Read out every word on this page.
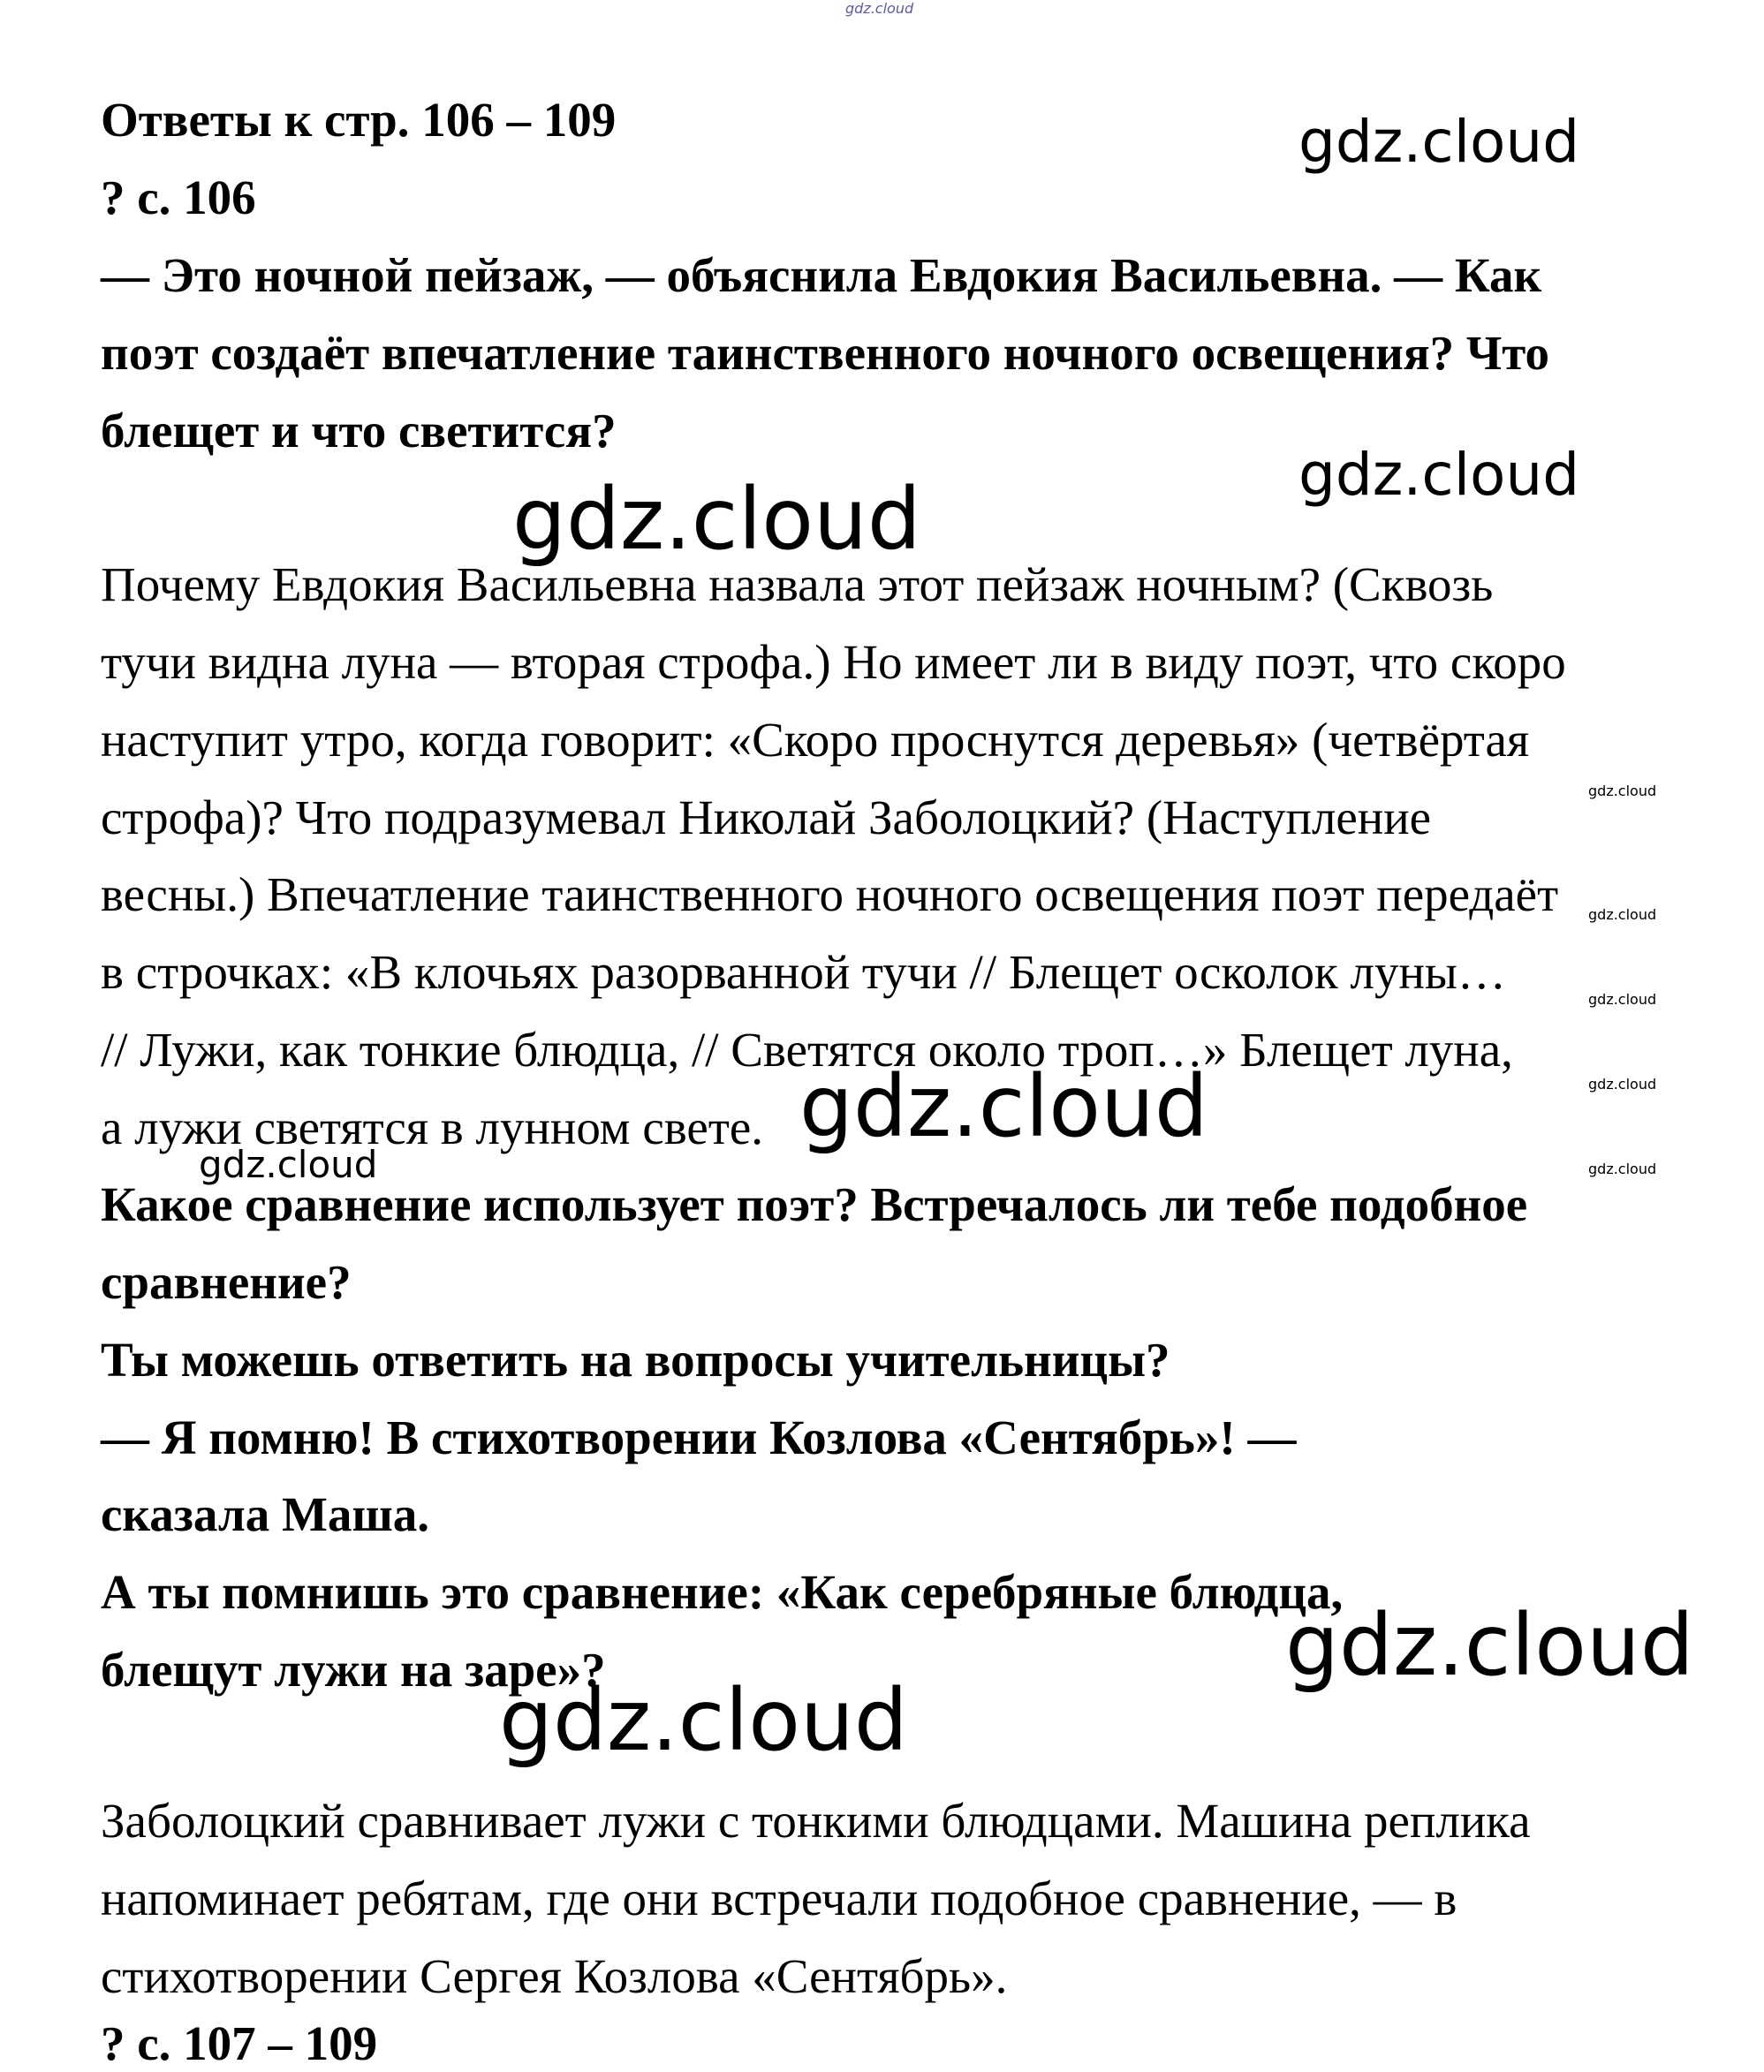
gdz.cloud
Ответы к стр. 106 – 109
? с. 106
— Это ночной пейзаж, — объяснила Евдокия Васильевна. — Как
поэт создаёт впечатление таинственного ночного освещения? Что
блещет и что светится?
Почему Евдокия Васильевна назвала этот пейзаж ночным? (Сквозь
тучи видна луна — вторая строфа.) Но имеет ли в виду поэт, что скоро
наступит утро, когда говорит: «Скоро проснутся деревья» (четвёртая
строфа)? Что подразумевал Николай Заболоцкий? (Наступление
весны.) Впечатление таинственного ночного освещения поэт передаёт
в строчках: «В клочьях разорванной тучи // Блещет осколок луны…
// Лужи, как тонкие блюдца, // Светятся около троп…» Блещет луна,
а лужи светятся в лунном свете.
Какое сравнение использует поэт? Встречалось ли тебе подобное
сравнение?
Ты можешь ответить на вопросы учительницы?
— Я помню! В стихотворении Козлова «Сентябрь»! —
сказала Маша.
А ты помнишь это сравнение: «Как серебряные блюдца,
блещут лужи на заре»?
Заболоцкий сравнивает лужи с тонкими блюдцами. Машина реплика
напоминает ребятам, где они встречали подобное сравнение, — в
стихотворении Сергея Козлова «Сентябрь».
? с. 107 – 109
gdz.cloud
gdz.cloud
gdz.cloud
gdz.cloud
gdz.cloud
gdz.cloud
gdz.cloud
gdz.cloud
gdz.cloud	gdz.cloud
gdz.cloud
gdz.cloud
